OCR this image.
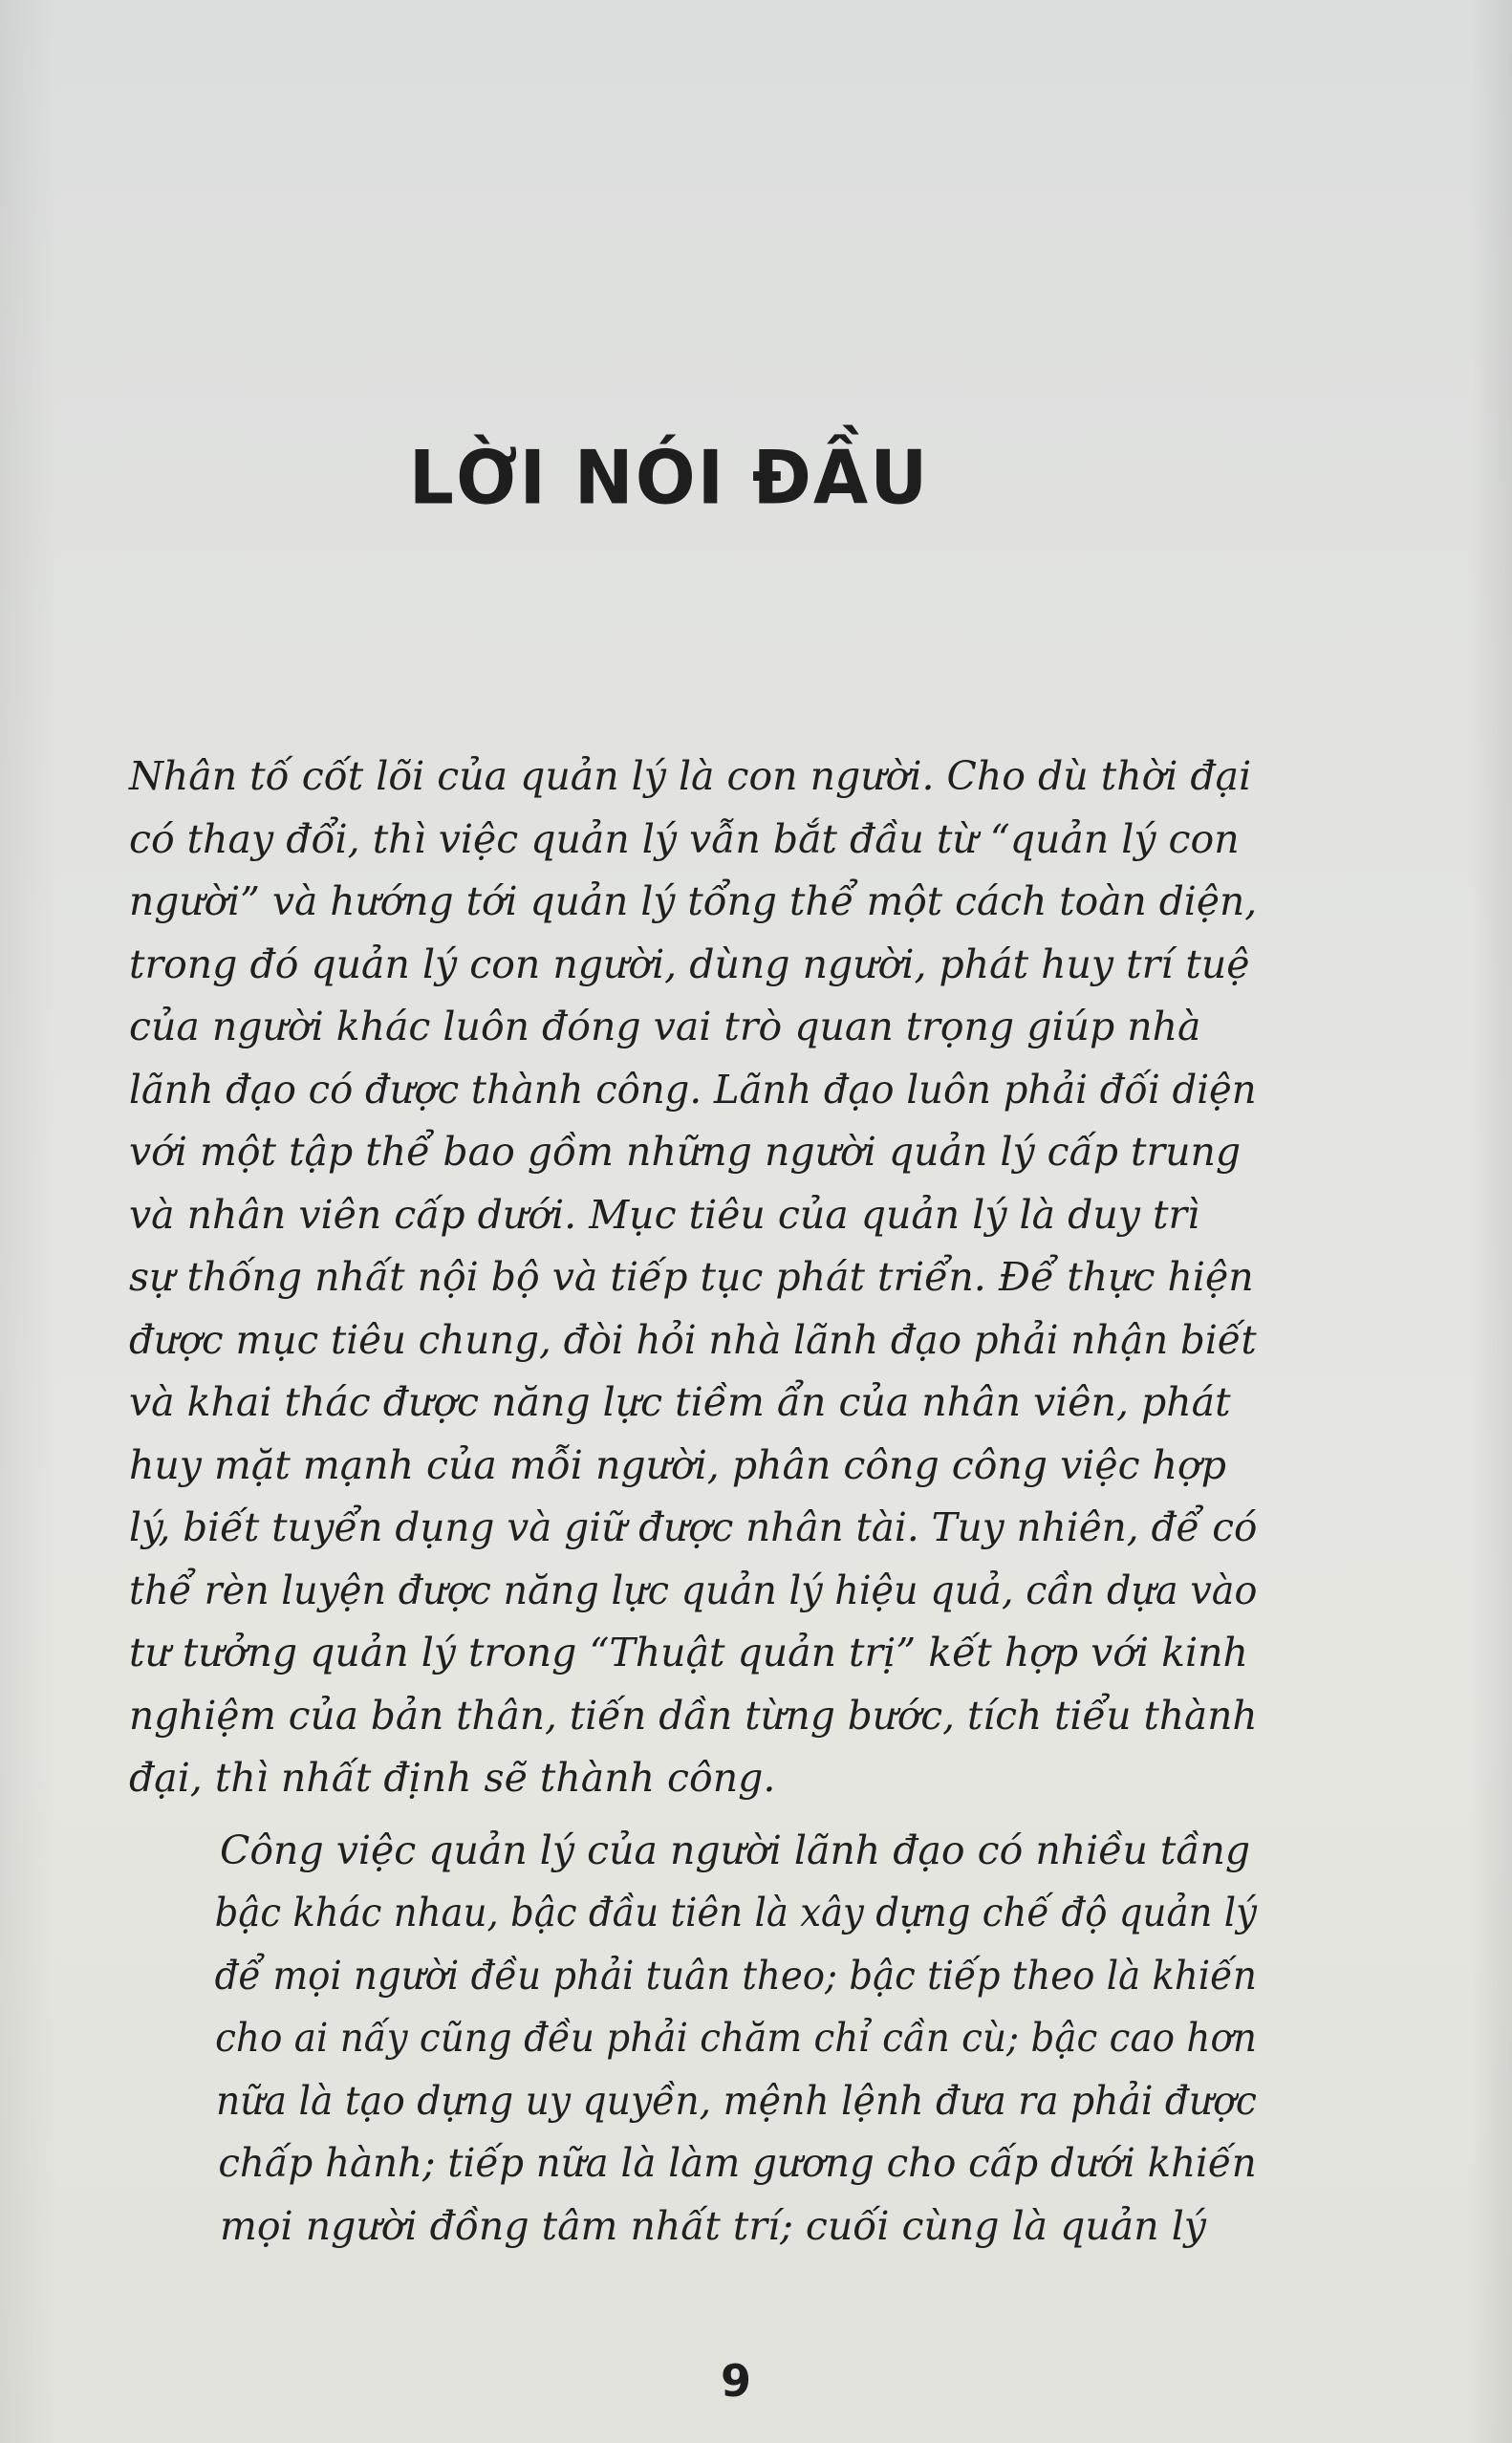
LỜI NÓI ĐẦU

Nhân tố cốt lõi của quản lý là con người. Cho dù thời đại
có thay đổi, thì việc quản lý vẫn bắt đầu từ “quản lý con
người” và hướng tới quản lý tổng thể một cách toàn diện,
trong đó quản lý con người, dùng người, phát huy trí tuệ
của người khác luôn đóng vai trò quan trọng giúp nhà
lãnh đạo có được thành công. Lãnh đạo luôn phải đối diện
với một tập thể bao gồm những người quản lý cấp trung
và nhân viên cấp dưới. Mục tiêu của quản lý là duy trì
sự thống nhất nội bộ và tiếp tục phát triển. Để thực hiện
được mục tiêu chung, đòi hỏi nhà lãnh đạo phải nhận biết
và khai thác được năng lực tiềm ẩn của nhân viên, phát
huy mặt mạnh của mỗi người, phân công công việc hợp
lý, biết tuyển dụng và giữ được nhân tài. Tuy nhiên, để có
thể rèn luyện được năng lực quản lý hiệu quả, cần dựa vào
tư tưởng quản lý trong “Thuật quản trị” kết hợp với kinh
nghiệm của bản thân, tiến dần từng bước, tích tiểu thành
đại, thì nhất định sẽ thành công.

Công việc quản lý của người lãnh đạo có nhiều tầng

bậc khác nhau, bậc đầu tiên là xây dựng chế độ quản lý
để mọi người đều phải tuân theo; bậc tiếp theo là khiến
cho ai nấy cũng đều phải chăm chỉ cần cù; bậc cao hơn
nữa là tạo dựng uy quyền, mệnh lệnh đưa ra phải được
chấp hành; tiếp nữa là làm gương cho cấp dưới khiến
mọi người đồng tâm nhất trí; cuối cùng là quản lý

9
